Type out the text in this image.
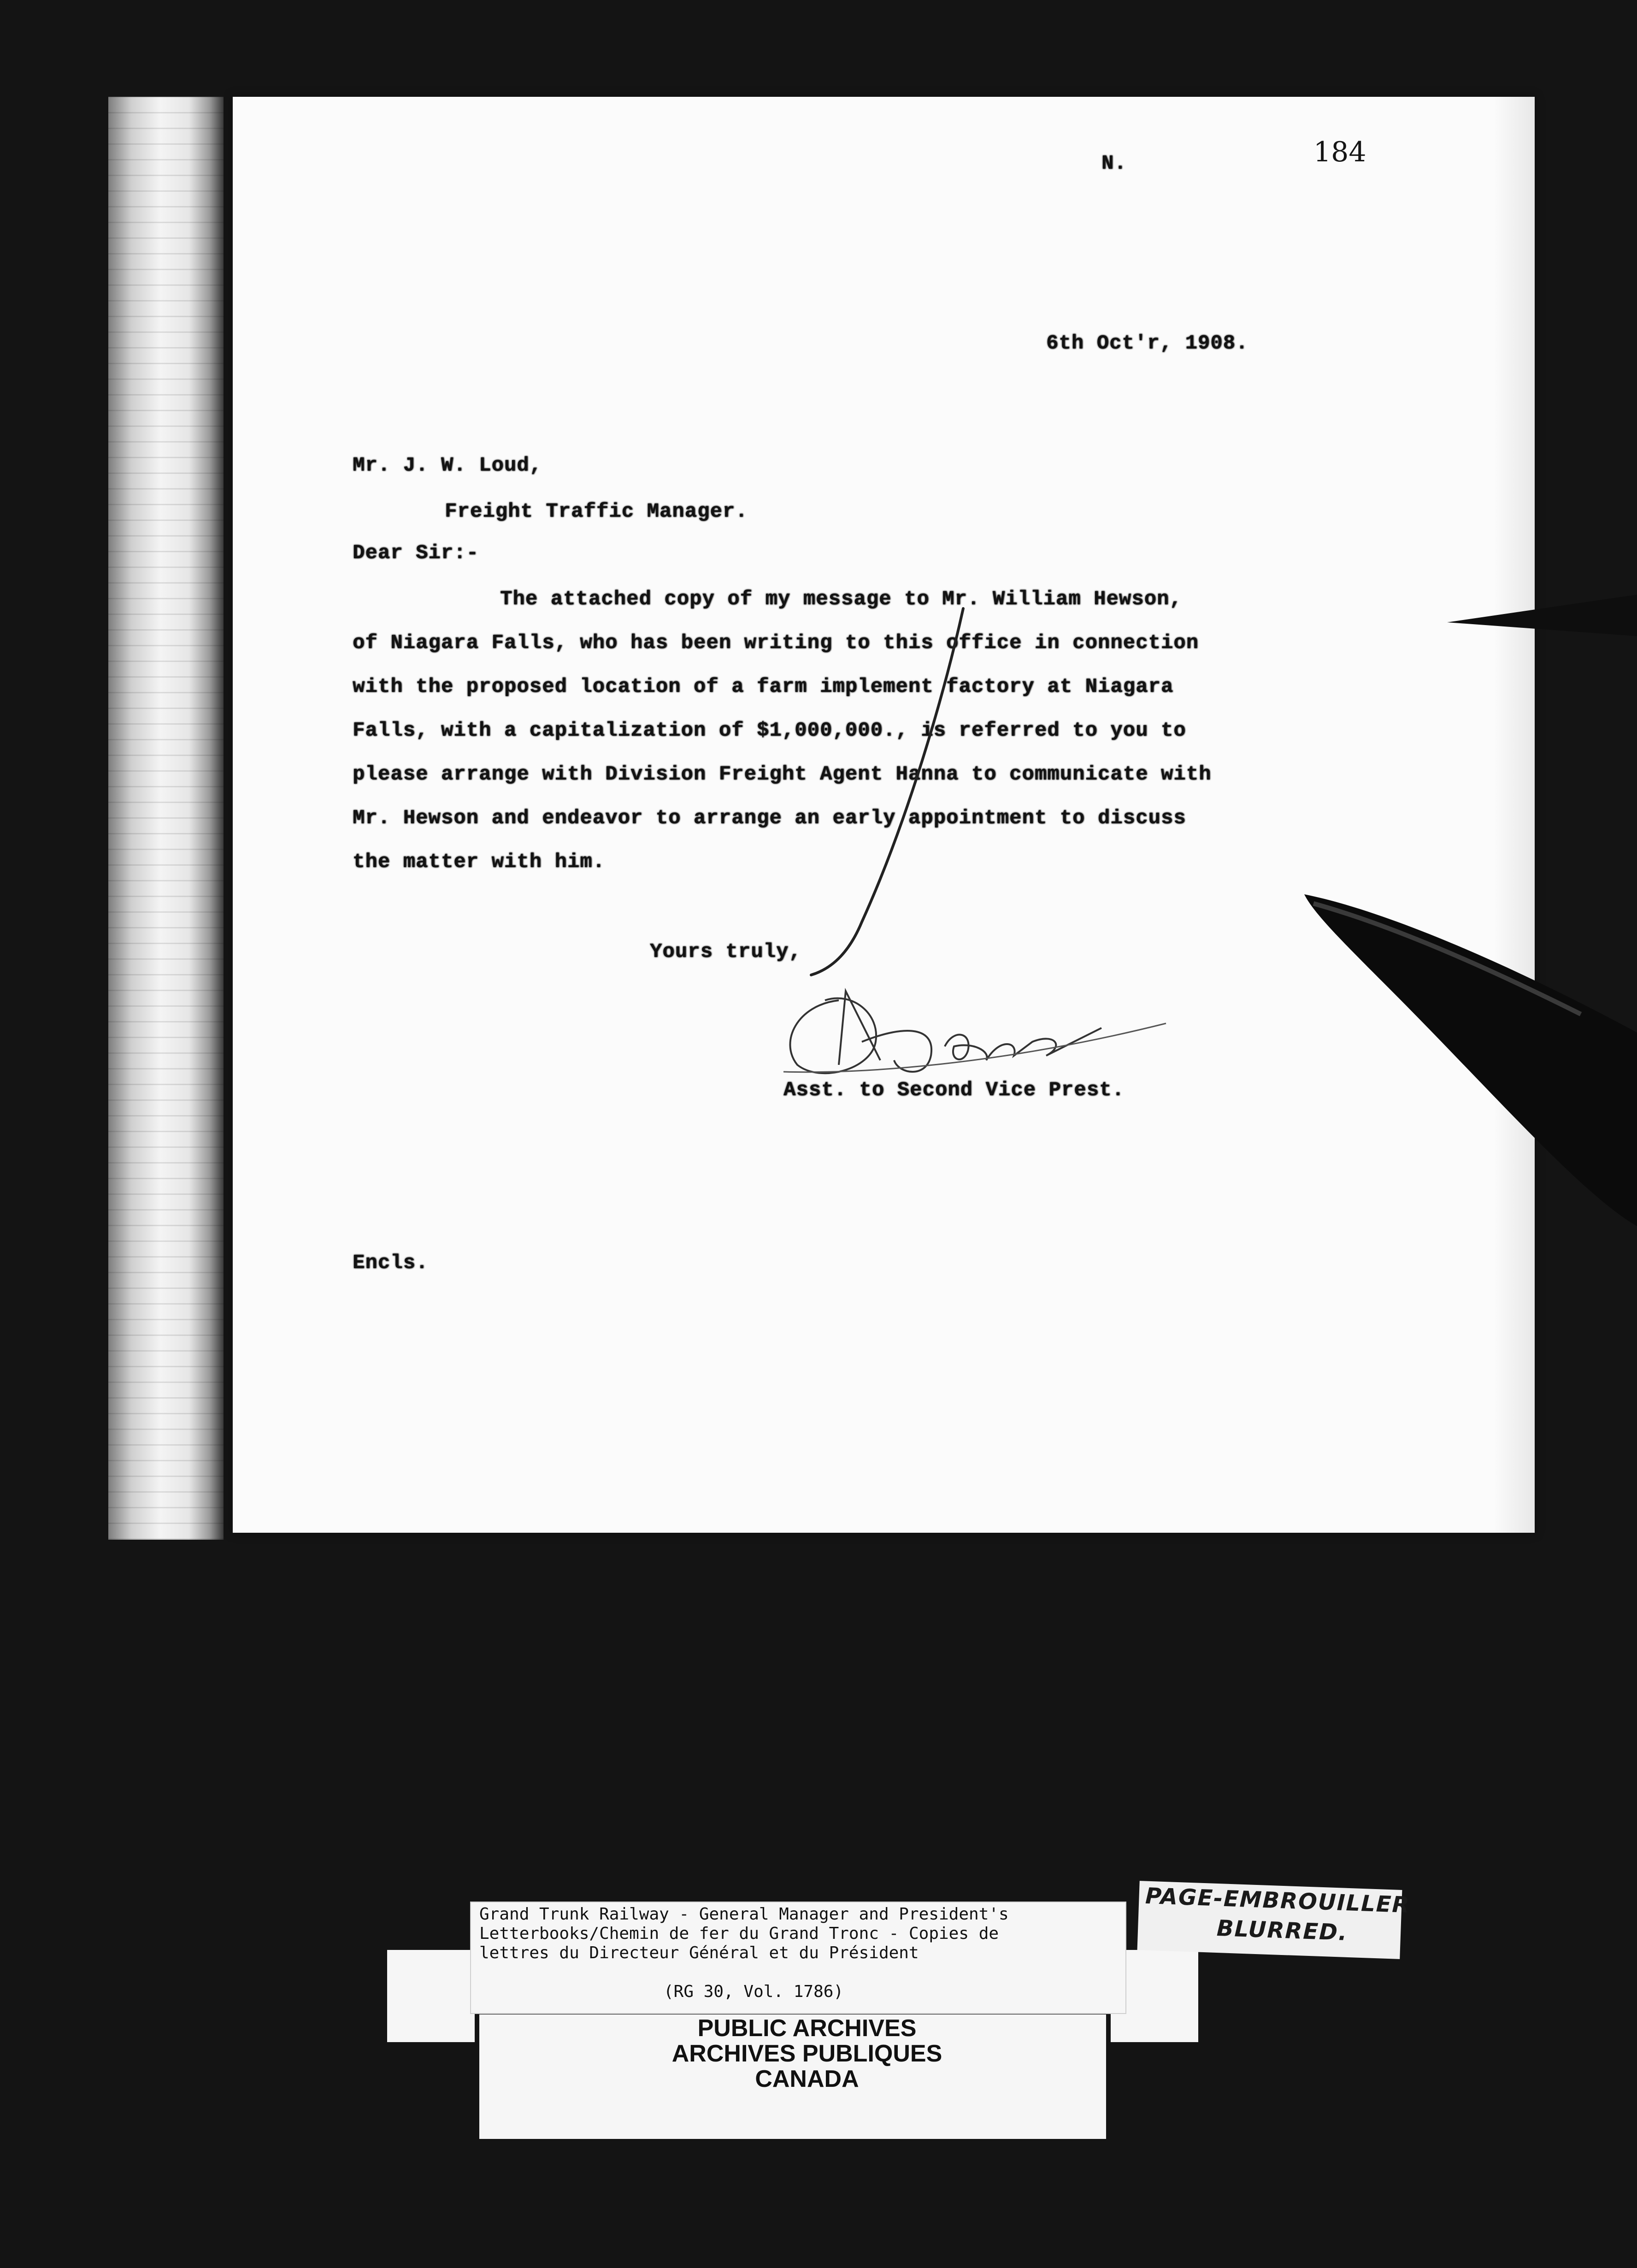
N.	184
6th Oct'r, 1908.
Mr. J. W. Loud,
Freight Traffic Manager.
Dear Sir:-
The attached copy of my message to Mr. William Hewson,
of Niagara Falls, who has been writing to this office in connection
with the proposed location of a farm implement factory at Niagara
Falls, with a capitalization of $1,000,000., is referred to you to
please arrange with Division Freight Agent Hanna to communicate with
Mr. Hewson and endeavor to arrange an early appointment to discuss
the matter with him.
Yours truly,
Asst. to Second Vice Prest.
Encls.
Grand Trunk Railway - General Manager and President's
Letterbooks/Chemin de fer du Grand Tronc - Copies de
lettres du Directeur Général et du Président
(RG 30, Vol. 1786)
PUBLIC ARCHIVES
ARCHIVES PUBLIQUES
CANADA
PAGE-EMBROUILLER
BLURRED.
